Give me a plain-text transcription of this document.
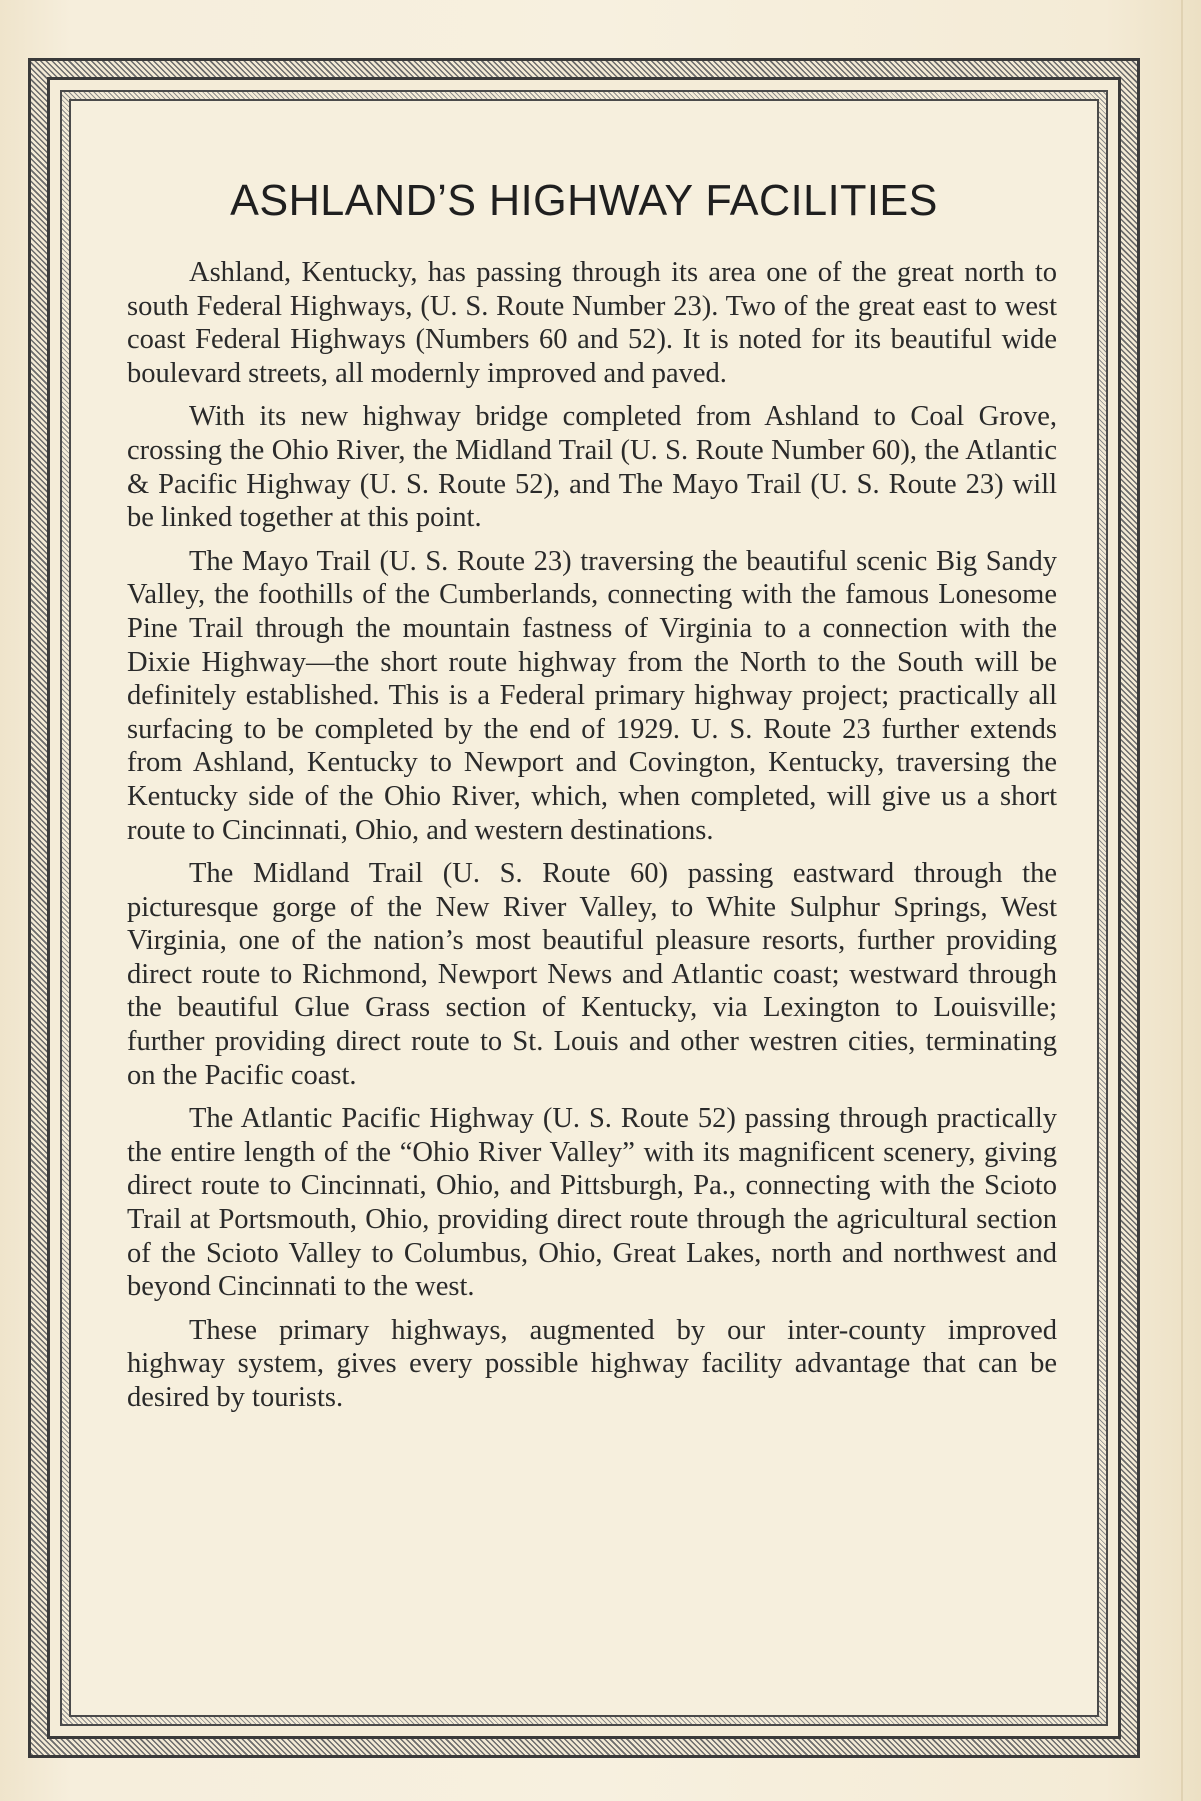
ASHLAND’S HIGHWAY FACILITIES

Ashland, Kentucky, has passing through its area one of the great north to south Federal Highways, (U. S. Route Number 23). Two of the great east to west coast Federal Highways (Numbers 60 and 52). It is noted for its beautiful wide boulevard streets, all modernly improved and paved.

With its new highway bridge completed from Ashland to Coal Grove, crossing the Ohio River, the Midland Trail (U. S. Route Number 60), the Atlantic & Pacific Highway (U. S. Route 52), and The Mayo Trail (U. S. Route 23) will be linked together at this point.

The Mayo Trail (U. S. Route 23) traversing the beautiful scenic Big Sandy Valley, the foothills of the Cumberlands, connecting with the famous Lonesome Pine Trail through the mountain fastness of Virginia to a connection with the Dixie Highway—the short route highway from the North to the South will be definitely established. This is a Federal primary highway project; practically all surfacing to be completed by the end of 1929. U. S. Route 23 further extends from Ashland, Kentucky to Newport and Covington, Kentucky, traversing the Kentucky side of the Ohio River, which, when completed, will give us a short route to Cincinnati, Ohio, and western destinations.

The Midland Trail (U. S. Route 60) passing eastward through the picturesque gorge of the New River Valley, to White Sulphur Springs, West Virginia, one of the nation’s most beautiful pleasure resorts, further providing direct route to Richmond, Newport News and Atlantic coast; westward through the beautiful Glue Grass section of Kentucky, via Lexington to Louisville; further providing direct route to St. Louis and other westren cities, terminating on the Pacific coast.

The Atlantic Pacific Highway (U. S. Route 52) passing through practically the entire length of the “Ohio River Valley” with its magnificent scenery, giving direct route to Cincinnati, Ohio, and Pittsburgh, Pa., connecting with the Scioto Trail at Portsmouth, Ohio, providing direct route through the agricultural section of the Scioto Valley to Columbus, Ohio, Great Lakes, north and northwest and beyond Cincinnati to the west.

These primary highways, augmented by our inter-county improved highway system, gives every possible highway facility advantage that can be desired by tourists.
